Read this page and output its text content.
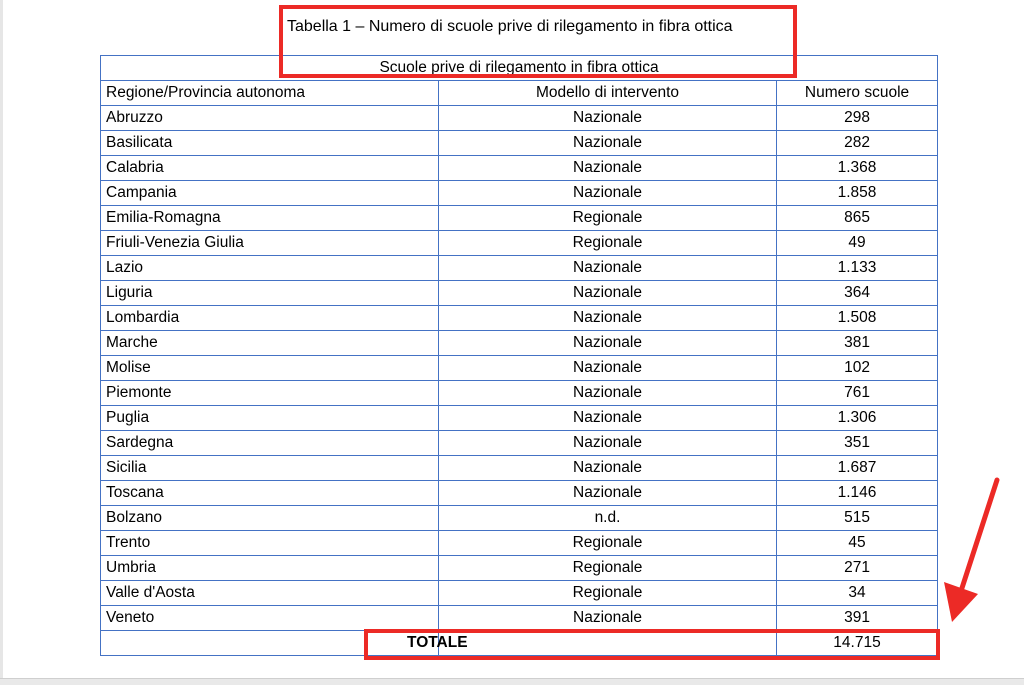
Tabella 1 – Numero di scuole prive di rilegamento in fibra ottica
Scuole prive di rilegamento in fibra ottica		
Regione/Provincia autonoma	Modello di intervento	Numero scuole
Abruzzo	Nazionale	298
Basilicata	Nazionale	282
Calabria	Nazionale	1.368
Campania	Nazionale	1.858
Emilia-Romagna	Regionale	865
Friuli-Venezia Giulia	Regionale	49
Lazio	Nazionale	1.133
Liguria	Nazionale	364
Lombardia	Nazionale	1.508
Marche	Nazionale	381
Molise	Nazionale	102
Piemonte	Nazionale	761
Puglia	Nazionale	1.306
Sardegna	Nazionale	351
Sicilia	Nazionale	1.687
Toscana	Nazionale	1.146
Bolzano	n.d.	515
Trento	Regionale	45
Umbria	Regionale	271
Valle d'Aosta	Regionale	34
Veneto	Nazionale	391
	TOTALE	14.715
